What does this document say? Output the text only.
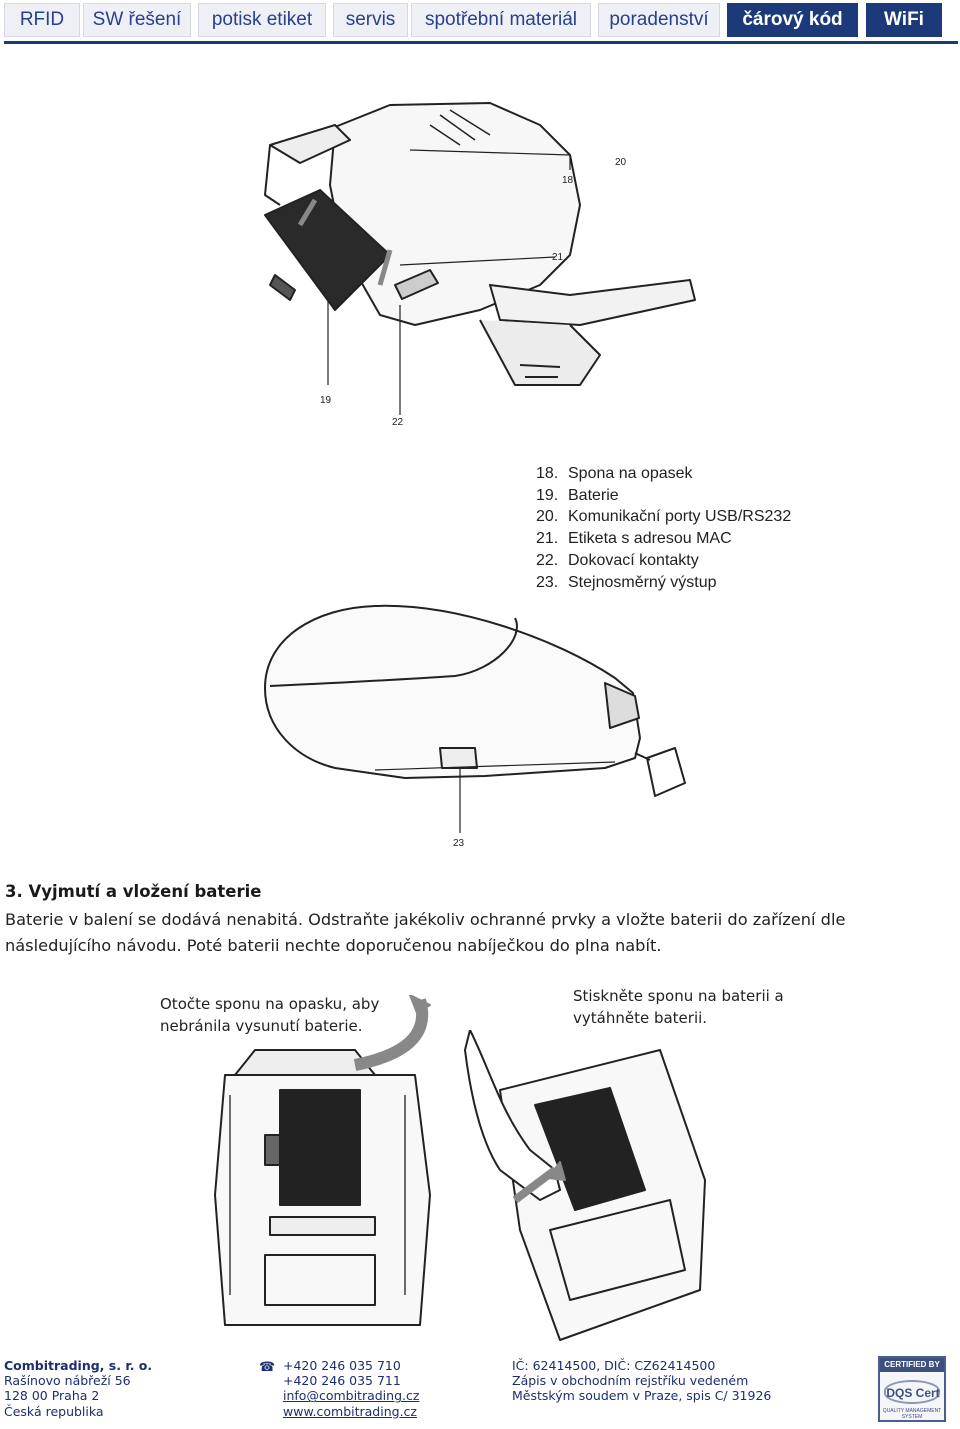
RFID	SW řešení	potisk etiket	servis	spotřební materiál	poradenství	čárový kód	WiFi
18
19
20
21
22
18. Spona na opasek
19. Baterie
20. Komunikační porty USB/RS232
21. Etiketa s adresou MAC
22. Dokovací kontakty
23. Stejnosměrný výstup
23
3. Vyjmutí a vložení baterie
Baterie v balení se dodává nenabitá. Odstraňte jakékoliv ochranné prvky a vložte baterii do zařízení dle následujícího návodu. Poté baterii nechte doporučenou nabíječkou do plna nabít.
Otočte sponu na opasku, aby nebránila vysunutí baterie.
Stiskněte sponu na baterii a vytáhněte baterii.
Combitrading, s. r. o.
Rašínovo nábřeží 56
128 00 Praha 2
Česká republika
☎ +420 246 035 710
+420 246 035 711
info@combitrading.cz
www.combitrading.cz
IČ: 62414500, DIČ: CZ62414500
Zápis v obchodním rejstříku vedeném
Městským soudem v Praze, spis C/ 31926
CERTIFIED BY
DQS Cert
QUALITY MANAGEMENT SYSTEM
